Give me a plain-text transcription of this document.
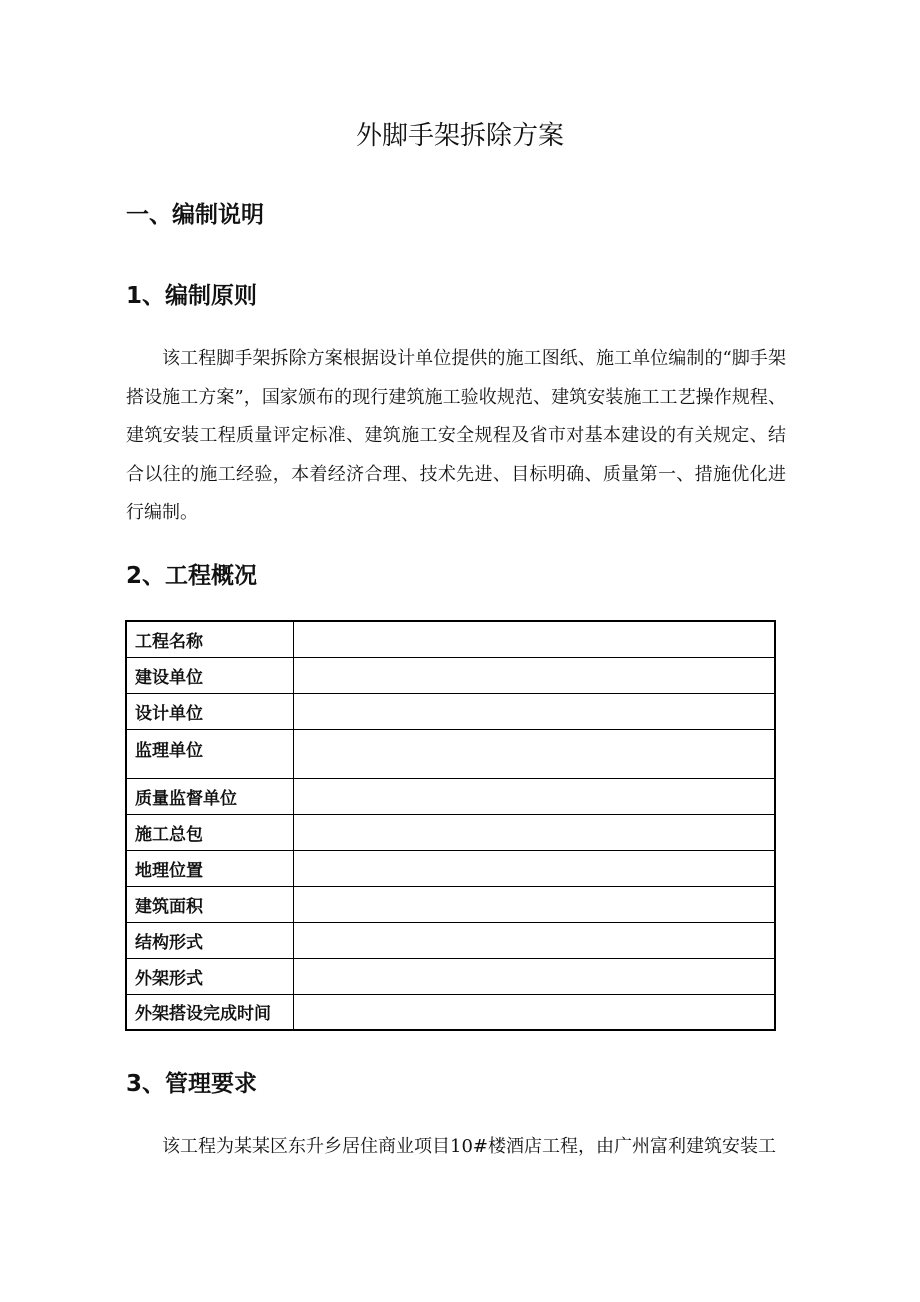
外脚手架拆除方案
一、编制说明
1、编制原则

该工程脚手架拆除方案根据设计单位提供的施工图纸、施工单位编制的“脚手架搭设施工方案”，国家颁布的现行建筑施工验收规范、建筑安装施工工艺操作规程、建筑安装工程质量评定标准、建筑施工安全规程及省市对基本建设的有关规定、结合以往的施工经验，本着经济合理、技术先进、目标明确、质量第一、措施优化进行编制。

2、工程概况
工程名称	
建设单位	
设计单位	
监理单位	
质量监督单位	
施工总包	
地理位置	
建筑面积	
结构形式	
外架形式	
外架搭设完成时间	
3、管理要求

该工程为某某区东升乡居住商业项目10#楼酒店工程，由广州富利建筑安装工
